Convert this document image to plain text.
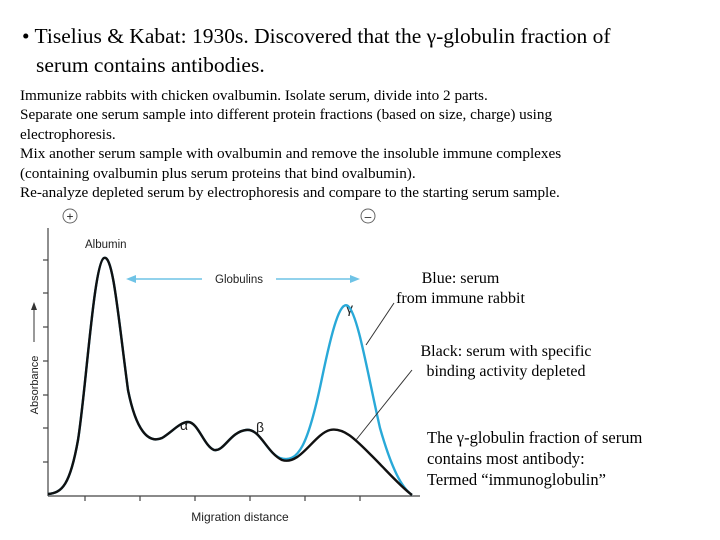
• Tiselius & Kabat: 1930s. Discovered that the γ-globulin fraction of
serum contains antibodies.
Immunize rabbits with chicken ovalbumin. Isolate serum, divide into 2 parts.
Separate one serum sample into different protein fractions (based on size, charge) using
electrophoresis.
Mix another serum sample with ovalbumin and remove the insoluble immune complexes
(containing ovalbumin plus serum proteins that bind ovalbumin).
Re-analyze depleted serum by electrophoresis and compare to the starting serum sample.
+	–
Absorbance
Migration distance
Albumin
α	β
γ
Globulins	Blue: serum
from immune rabbit
Black: serum with specific
binding activity depleted
The γ-globulin fraction of serum
contains most antibody:
Termed “immunoglobulin”
